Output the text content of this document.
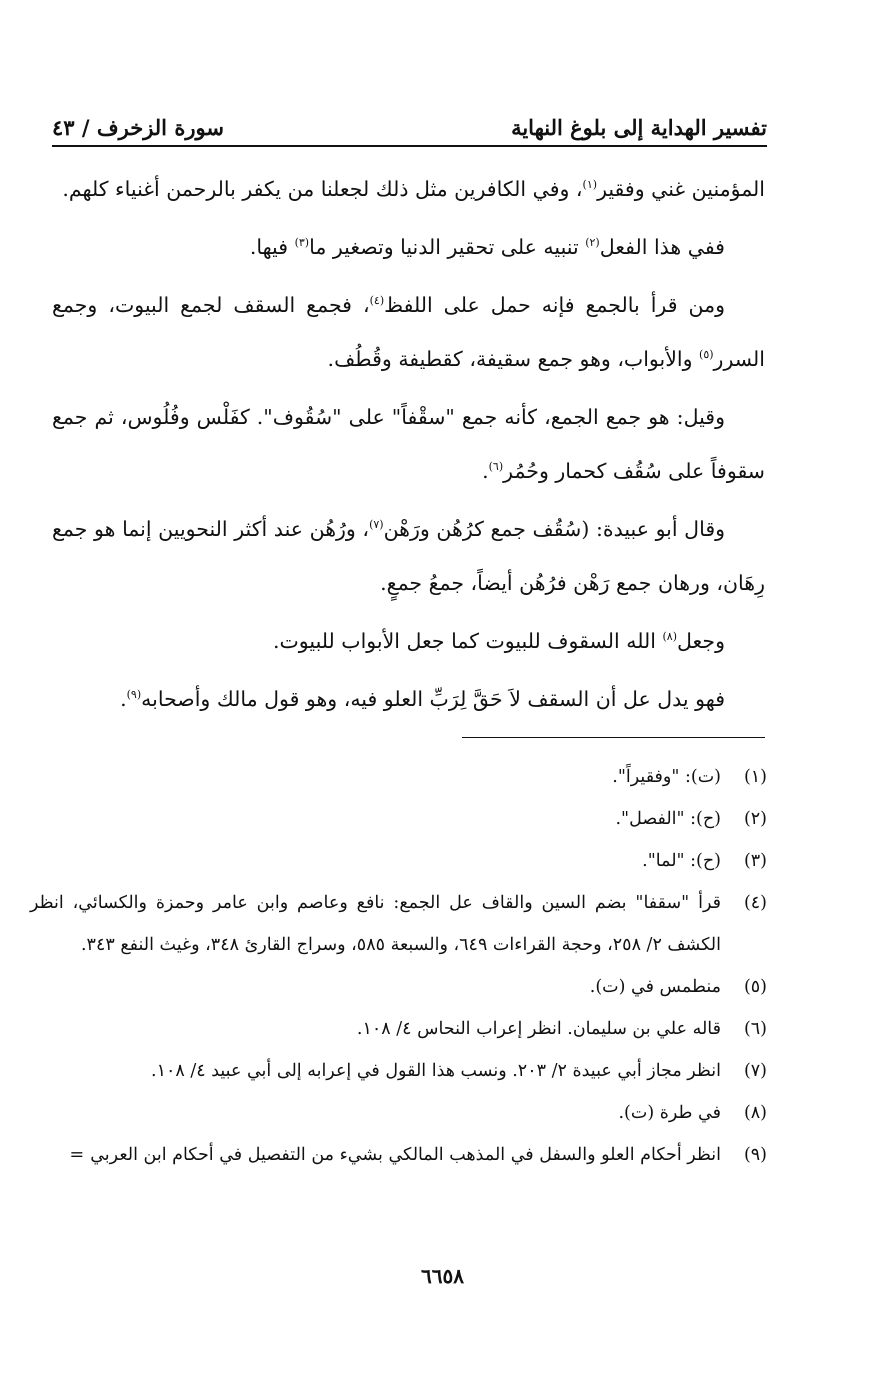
تفسير الهداية إلى بلوغ النهاية
سورة الزخرف / ٤٣

المؤمنين غني وفقير$^{(١)}$، وفي الكافرين مثل ذلك لجعلنا من يكفر بالرحمن أغنياء كلهم.

ففي هذا الفعل$^{(٢)}$ تنبيه على تحقير الدنيا وتصغير ما$^{(٣)}$ فيها.

ومن قرأ بالجمع فإنه حمل على اللفظ$^{(٤)}$، فجمع السقف لجمع البيوت، وجمع السرر$^{(٥)}$ والأبواب، وهو جمع سقيفة، كقطيفة وقُطُف.

وقيل: هو جمع الجمع، كأنه جمع "سقْفاً" على "سُقُوف". كفَلْس وفُلُوس، ثم جمع سقوفاً على سُقُف كحمار وحُمُر$^{(٦)}$.

وقال أبو عبيدة: (سُقُف جمع كرُهُن ورَهْن$^{(٧)}$، ورُهُن عند أكثر النحويين إنما هو جمع رِهَان، ورهان جمع رَهْن فرُهُن أيضاً، جمعُ جمعٍ.

وجعل$^{(٨)}$ الله السقوف للبيوت كما جعل الأبواب للبيوت.

فهو يدل عل أن السقف لاَ حَقَّ لِرَبِّ العلو فيه، وهو قول مالك وأصحابه$^{(٩)}$.

(١)
(ت): "وفقيراً".
(٢)
(ح): "الفصل".
(٣)
(ح): "لما".
(٤)
قرأ "سقفا" بضم السين والقاف عل الجمع: نافع وعاصم وابن عامر وحمزة والكسائي، انظر الكشف ٢/ ٢٥٨، وحجة القراءات ٦٤٩، والسبعة ٥٨٥، وسراج القارئ ٣٤٨، وغيث النفع ٣٤٣.
(٥)
منطمس في (ت).
(٦)
قاله علي بن سليمان. انظر إعراب النحاس ٤/ ١٠٨.
(٧)
انظر مجاز أبي عبيدة ٢/ ٢٠٣. ونسب هذا القول في إعرابه إلى أبي عبيد ٤/ ١٠٨.
(٨)
في طرة (ت).
(٩)
انظر أحكام العلو والسفل في المذهب المالكي بشيء من التفصيل في أحكام ابن العربي=
٦٦٥٨
